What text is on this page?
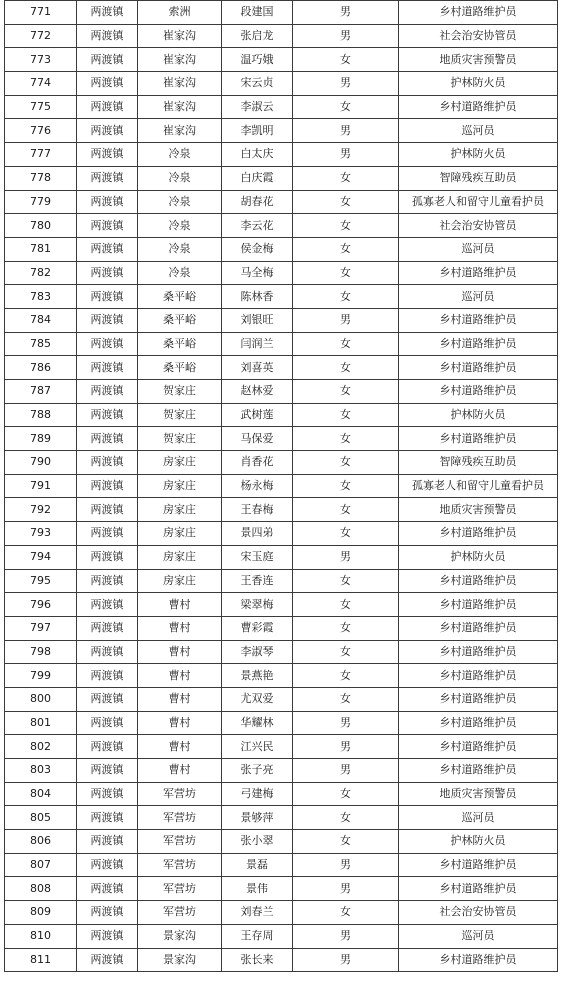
771	两渡镇	索洲	段建国	男	乡村道路维护员
772	两渡镇	崔家沟	张启龙	男	社会治安协管员
773	两渡镇	崔家沟	温巧娥	女	地质灾害预警员
774	两渡镇	崔家沟	宋云贞	男	护林防火员
775	两渡镇	崔家沟	李淑云	女	乡村道路维护员
776	两渡镇	崔家沟	李凯明	男	巡河员
777	两渡镇	冷泉	白太庆	男	护林防火员
778	两渡镇	冷泉	白庆霞	女	智障残疾互助员
779	两渡镇	冷泉	胡春花	女	孤寡老人和留守儿童看护员
780	两渡镇	冷泉	李云花	女	社会治安协管员
781	两渡镇	冷泉	侯金梅	女	巡河员
782	两渡镇	冷泉	马全梅	女	乡村道路维护员
783	两渡镇	桑平峪	陈林香	女	巡河员
784	两渡镇	桑平峪	刘银旺	男	乡村道路维护员
785	两渡镇	桑平峪	闫润兰	女	乡村道路维护员
786	两渡镇	桑平峪	刘喜英	女	乡村道路维护员
787	两渡镇	贺家庄	赵林爱	女	乡村道路维护员
788	两渡镇	贺家庄	武树莲	女	护林防火员
789	两渡镇	贺家庄	马保爱	女	乡村道路维护员
790	两渡镇	房家庄	肖香花	女	智障残疾互助员
791	两渡镇	房家庄	杨永梅	女	孤寡老人和留守儿童看护员
792	两渡镇	房家庄	王春梅	女	地质灾害预警员
793	两渡镇	房家庄	景四弟	女	乡村道路维护员
794	两渡镇	房家庄	宋玉庭	男	护林防火员
795	两渡镇	房家庄	王香连	女	乡村道路维护员
796	两渡镇	曹村	梁翠梅	女	乡村道路维护员
797	两渡镇	曹村	曹彩霞	女	乡村道路维护员
798	两渡镇	曹村	李淑琴	女	乡村道路维护员
799	两渡镇	曹村	景燕艳	女	乡村道路维护员
800	两渡镇	曹村	尤双爱	女	乡村道路维护员
801	两渡镇	曹村	华耀林	男	乡村道路维护员
802	两渡镇	曹村	江兴民	男	乡村道路维护员
803	两渡镇	曹村	张子亮	男	乡村道路维护员
804	两渡镇	军营坊	弓建梅	女	地质灾害预警员
805	两渡镇	军营坊	景够萍	女	巡河员
806	两渡镇	军营坊	张小翠	女	护林防火员
807	两渡镇	军营坊	景磊	男	乡村道路维护员
808	两渡镇	军营坊	景伟	男	乡村道路维护员
809	两渡镇	军营坊	刘春兰	女	社会治安协管员
810	两渡镇	景家沟	王存周	男	巡河员
811	两渡镇	景家沟	张长来	男	乡村道路维护员
